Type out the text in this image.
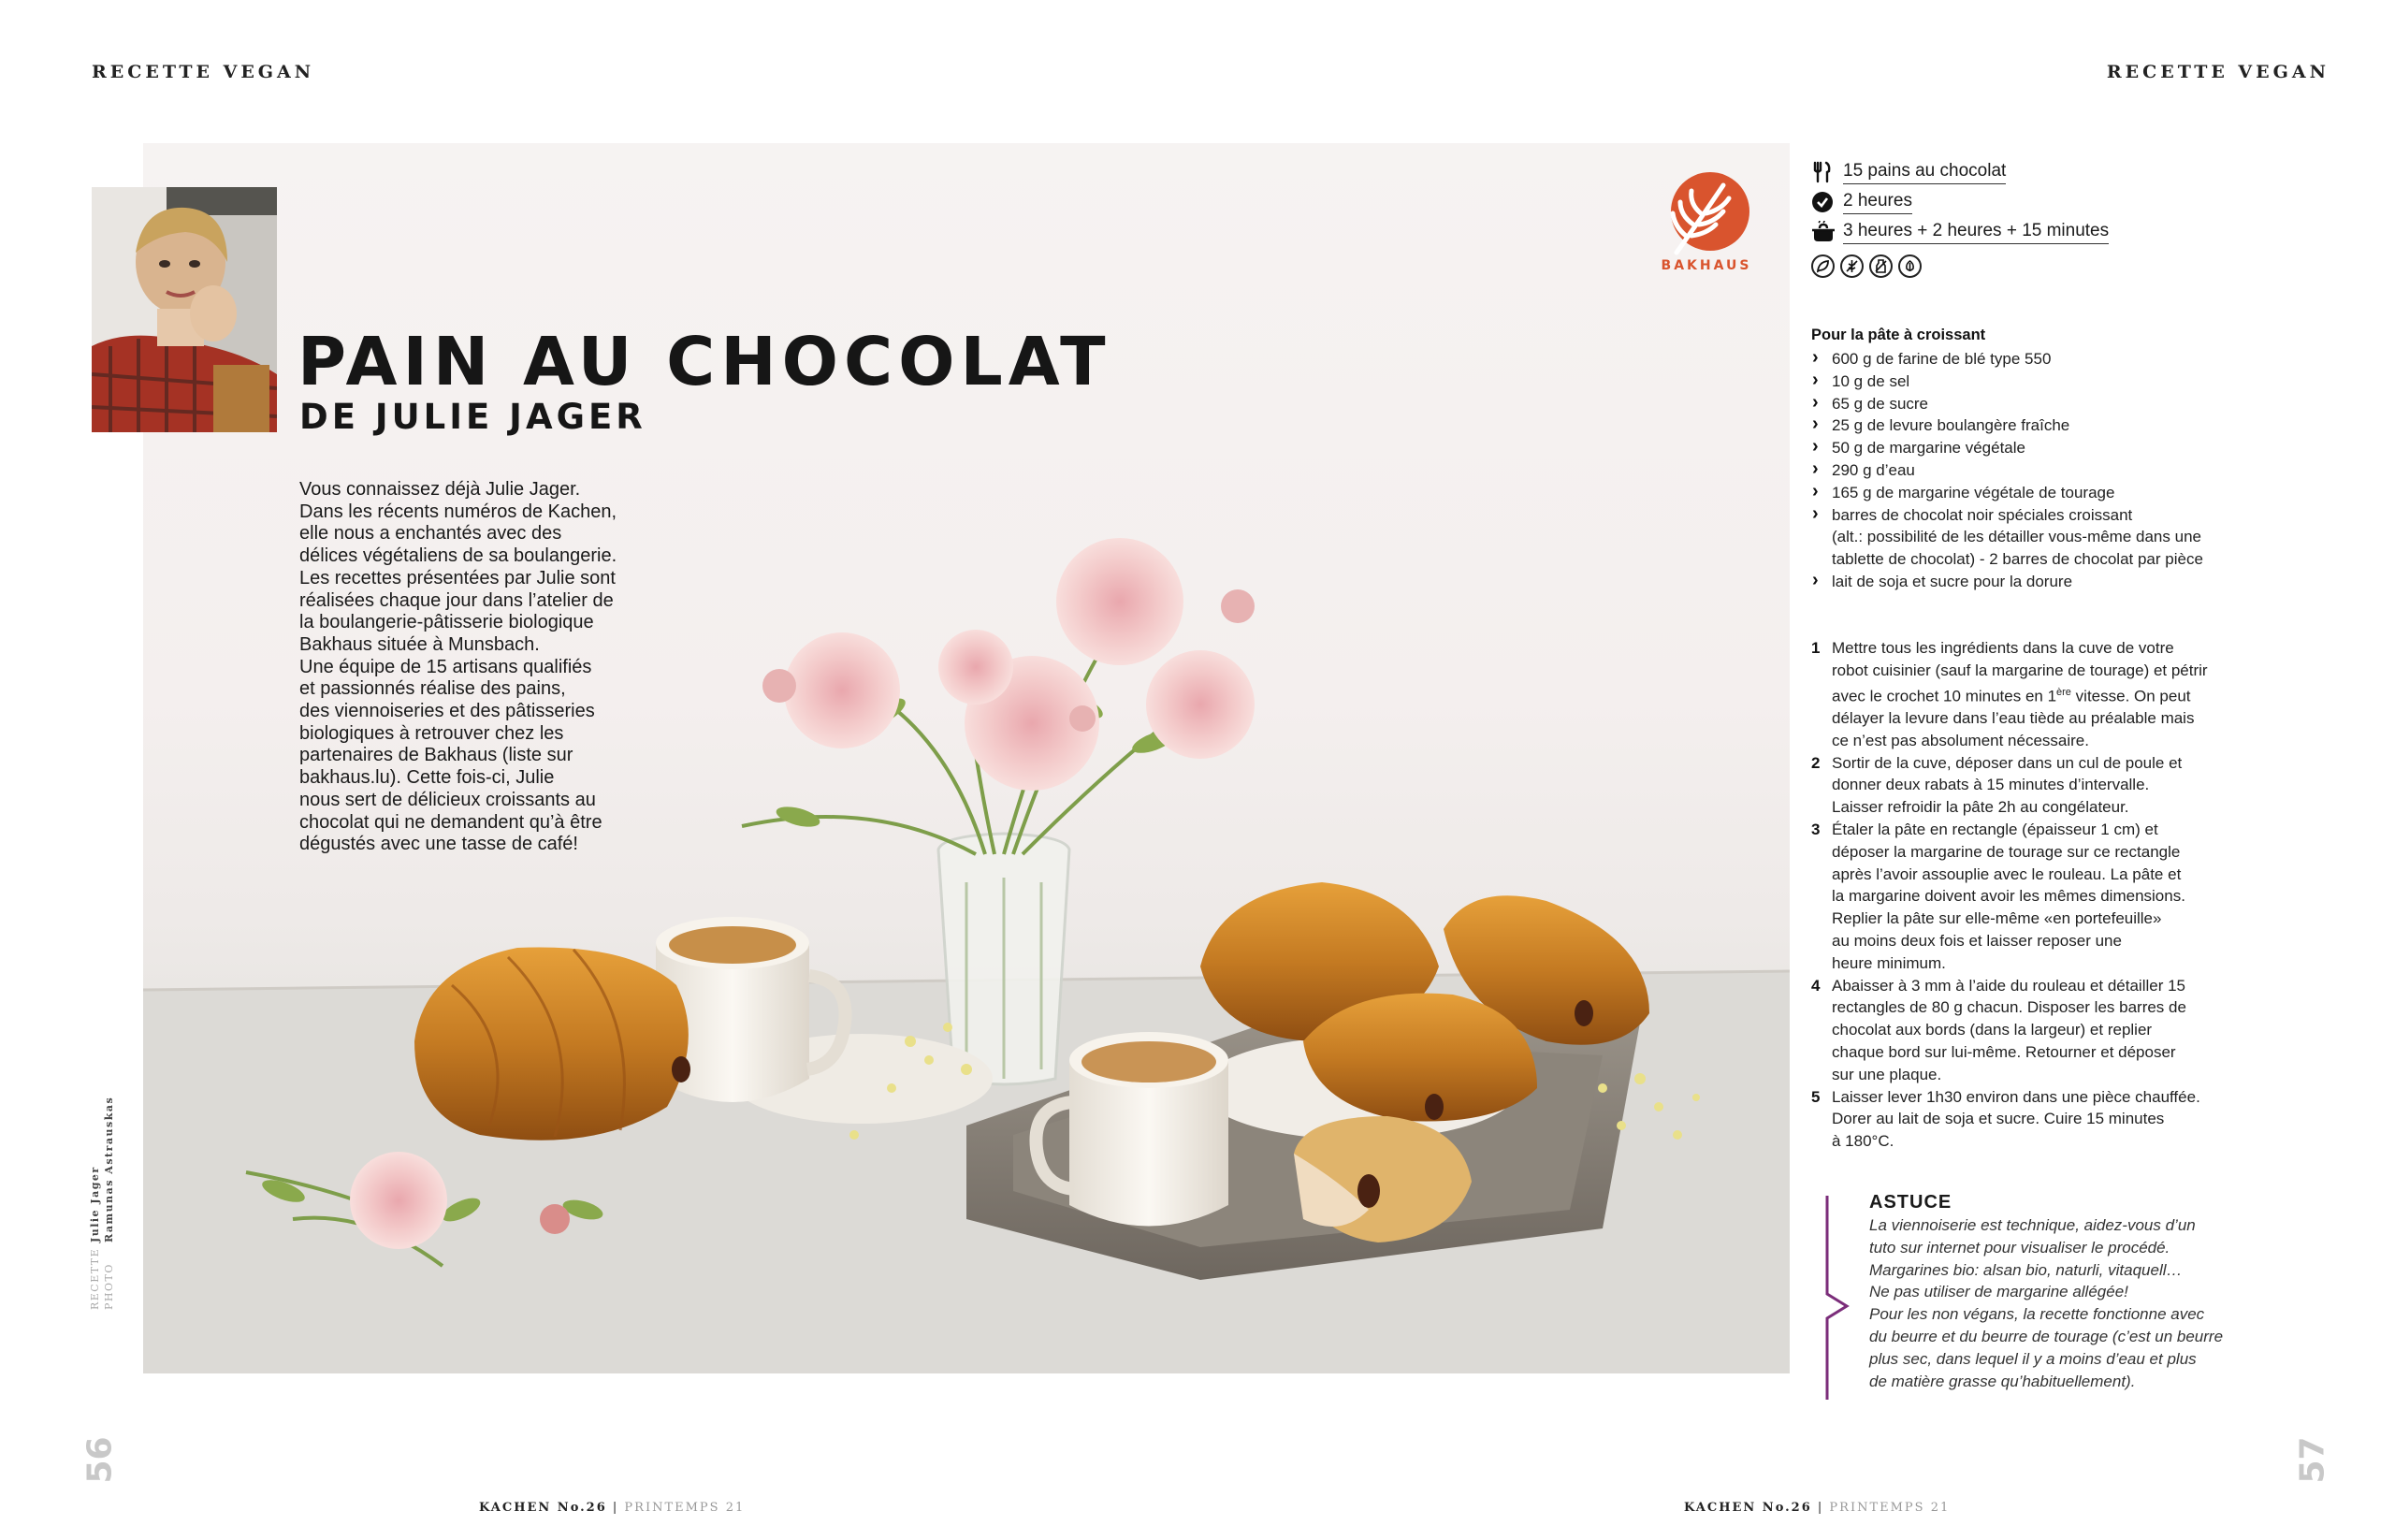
RECETTE VEGAN	RECETTE VEGAN
BAKHAUS
PAIN AU CHOCOLAT
DE JULIE JAGER
Vous connaissez déjà Julie Jager.
Dans les récents numéros de Kachen,
elle nous a enchantés avec des
délices végétaliens de sa boulangerie.
Les recettes présentées par Julie sont
réalisées chaque jour dans l’atelier de
la boulangerie-pâtisserie biologique
Bakhaus située à Munsbach.
Une équipe de 15 artisans qualifiés
et passionnés réalise des pains,
des viennoiseries et des pâtisseries
biologiques à retrouver chez les
partenaires de Bakhaus (liste sur
bakhaus.lu). Cette fois-ci, Julie
nous sert de délicieux croissants au
chocolat qui ne demandent qu’à être
dégustés avec une tasse de café!
15 pains au chocolat
2 heures
3 heures + 2 heures + 15 minutes
Pour la pâte à croissant
› 600 g de farine de blé type 550
› 10 g de sel
› 65 g de sucre
› 25 g de levure boulangère fraîche
› 50 g de margarine végétale
› 290 g d’eau
› 165 g de margarine végétale de tourage
› barres de chocolat noir spéciales croissant
(alt.: possibilité de les détailler vous-même dans une
tablette de chocolat) - 2 barres de chocolat par pièce
› lait de soja et sucre pour la dorure
1 Mettre tous les ingrédients dans la cuve de votre
robot cuisinier (sauf la margarine de tourage) et pétrir
avec le crochet 10 minutes en 1ère vitesse. On peut
délayer la levure dans l’eau tiède au préalable mais
ce n’est pas absolument nécessaire.
2 Sortir de la cuve, déposer dans un cul de poule et
donner deux rabats à 15 minutes d’intervalle.
Laisser refroidir la pâte 2h au congélateur.
3 Étaler la pâte en rectangle (épaisseur 1 cm) et
déposer la margarine de tourage sur ce rectangle
après l’avoir assouplie avec le rouleau. La pâte et
la margarine doivent avoir les mêmes dimensions.
Replier la pâte sur elle-même «en portefeuille»
au moins deux fois et laisser reposer une
heure minimum.
4 Abaisser à 3 mm à l’aide du rouleau et détailler 15
rectangles de 80 g chacun. Disposer les barres de
chocolat aux bords (dans la largeur) et replier
chaque bord sur lui-même. Retourner et déposer
sur une plaque.
5 Laisser lever 1h30 environ dans une pièce chauffée.
Dorer au lait de soja et sucre. Cuire 15 minutes
à 180°C.
ASTUCE
La viennoiserie est technique, aidez-vous d’un
tuto sur internet pour visualiser le procédé.
Margarines bio: alsan bio, naturli, vitaquell…
Ne pas utiliser de margarine allégée!
Pour les non végans, la recette fonctionne avec
du beurre et du beurre de tourage (c’est un beurre
plus sec, dans lequel il y a moins d’eau et plus
de matière grasse qu’habituellement).
RECETTE
Julie Jager
PHOTO
Ramunas Astrauskas
56	57
KACHEN No.26 | PRINTEMPS 21	KACHEN No.26 | PRINTEMPS 21
